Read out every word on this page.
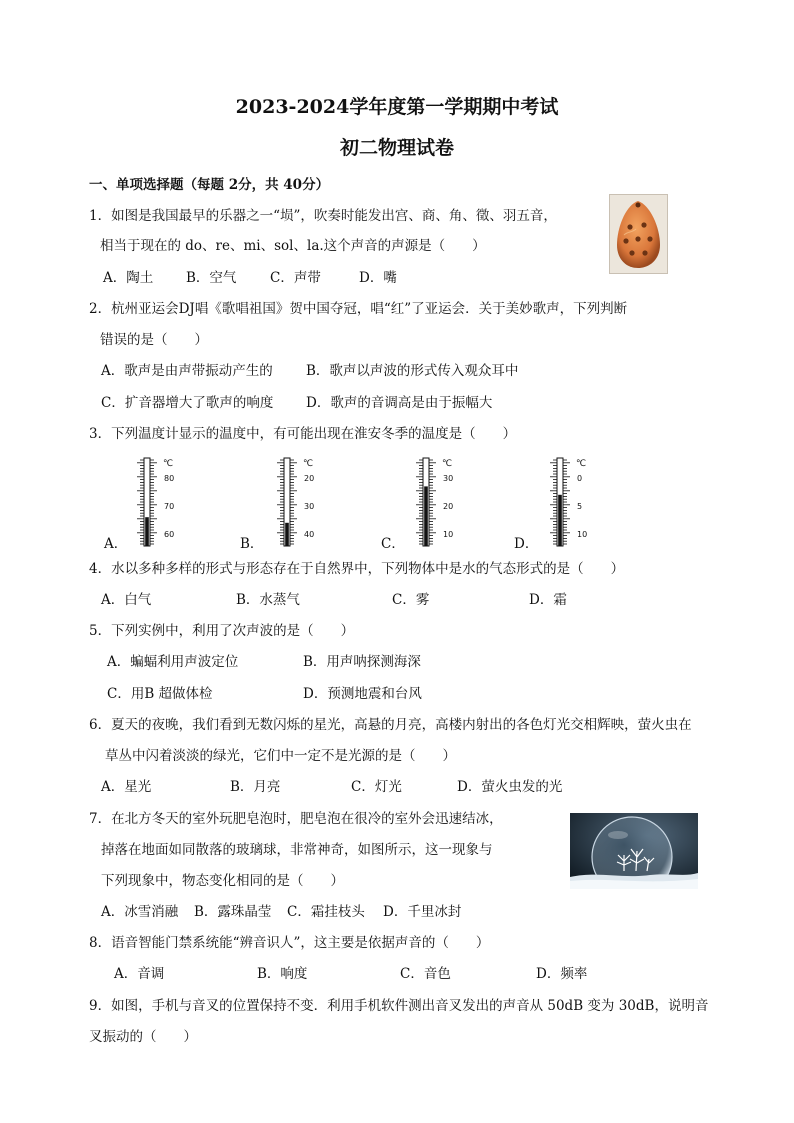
2023-2024学年度第一学期期中考试
初二物理试卷
一、单项选择题（每题 2分，共 40分）
1．如图是我国最早的乐器之一“埙”，吹奏时能发出宫、商、角、徵、羽五音，
相当于现在的 do、re、mi、sol、la.这个声音的声源是（　　）
A．陶土 B．空气 C．声带	D．嘴
2．杭州亚运会DJ唱《歌唱祖国》贺中国夺冠，唱“红”了亚运会．关于美妙歌声，下列判断
错误的是（　　）
A．歌声是由声带振动产生的 B．歌声以声波的形式传入观众耳中
C．扩音器增大了歌声的响度 D．歌声的音调高是由于振幅大
3．下列温度计显示的温度中，有可能出现在淮安冬季的温度是（　　）
A．	B．	C．	D．
℃
80
70
60
℃
20
30
40
℃
30
20
10
℃
0
5
10
4．水以多种多样的形式与形态存在于自然界中，下列物体中是水的气态形式的是（　　）
A．白气	B．水蒸气	C．雾	D．霜
5．下列实例中，利用了次声波的是（　　）
A．蝙蝠利用声波定位	B．用声呐探测海深
C．用B 超做体检	D．预测地震和台风
6．夏天的夜晚，我们看到无数闪烁的星光，高悬的月亮，高楼内射出的各色灯光交相辉映，萤火虫在
草丛中闪着淡淡的绿光，它们中一定不是光源的是（　　）
A．星光	B．月亮	C．灯光	D．萤火虫发的光
7．在北方冬天的室外玩肥皂泡时，肥皂泡在很冷的室外会迅速结冰，
掉落在地面如同散落的玻璃球，非常神奇，如图所示，这一现象与
下列现象中，物态变化相同的是（　　）
A．冰雪消融 B．露珠晶莹 C．霜挂枝头 D．千里冰封
8．语音智能门禁系统能“辨音识人”，这主要是依据声音的（　　）
A．音调	B．响度	C．音色	D．频率
9．如图，手机与音叉的位置保持不变．利用手机软件测出音叉发出的声音从 50dB 变为 30dB，说明音
叉振动的（　　）
